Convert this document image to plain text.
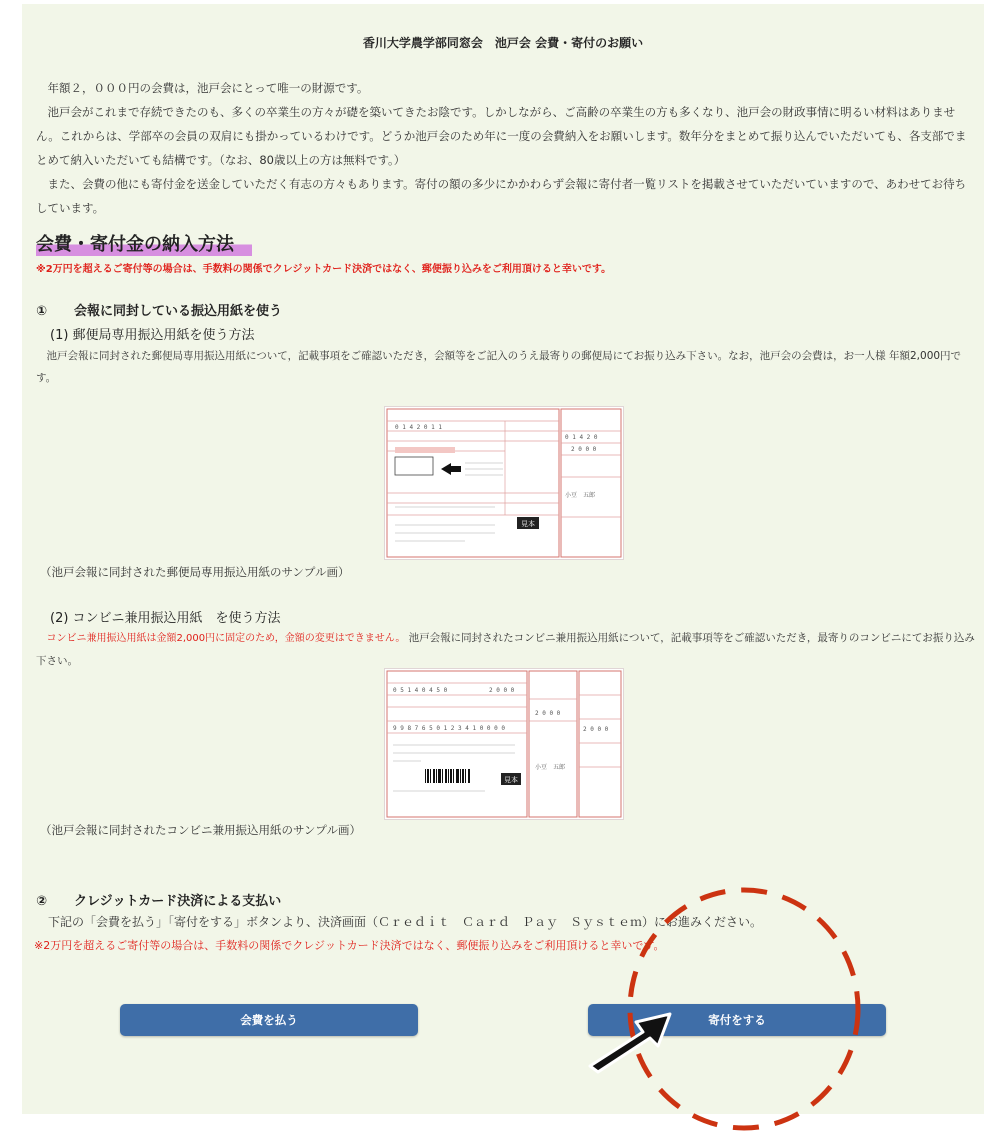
香川大学農学部同窓会　池戸会 会費・寄付のお願い

年額２，０００円の会費は，池戸会にとって唯一の財源です。

池戸会がこれまで存続できたのも、多くの卒業生の方々が礎を築いてきたお陰です。しかしながら、ご高齢の卒業生の方も多くなり、池戸会の財政事情に明るい材料はありません。これからは、学部卒の会員の双肩にも掛かっているわけです。どうか池戸会のため年に一度の会費納入をお願いします。数年分をまとめて振り込んでいただいても、各支部でまとめて納入いただいても結構です。（なお、80歳以上の方は無料です。）

また、会費の他にも寄付金を送金していただく有志の方々もあります。寄付の額の多少にかかわらず会報に寄付者一覧リストを掲載させていただいていますので、あわせてお待ちしています。

会費・寄付金の納入方法
※2万円を超えるご寄付等の場合は、手数料の関係でクレジットカード決済ではなく、郵便振り込みをご利用頂けると幸いです。
① 会報に同封している振込用紙を使う
(1) 郵便局専用振込用紙を使う方法
池戸会報に同封された郵便局専用振込用紙について，記載事項をご確認いただき，会額等をご記入のうえ最寄りの郵便局にてお振り込み下さい。なお，池戸会の会費は，お一人様 年額2,000円です。
0 1 4 2 0 1 1
0 1 4 2 0
2 0 0 0
小豆　五郎
見本
（池戸会報に同封された郵便局専用振込用紙のサンプル画）
(2) コンビニ兼用振込用紙　を使う方法
コンビニ兼用振込用紙は金額2,000円に固定のため，金額の変更はできません。 池戸会報に同封されたコンビニ兼用振込用紙について，記載事項等をご確認いただき，最寄りのコンビニにてお振り込み下さい。
0 5 1 4 0 4 5 0	2 0 0 0
2 0 0 0
2 0 0 0
9 9 8 7 6 5 0 1 2 3 4 1 0 0 0 0
小豆　五郎
見本
（池戸会報に同封されたコンビニ兼用振込用紙のサンプル画）
② クレジットカード決済による支払い
下記の「会費を払う」「寄付をする」ボタンより、決済画面（Ｃｒｅｄｉｔ　Ｃａｒｄ　Ｐａｙ　Ｓｙｓｔｅｍ）にお進みください。
※2万円を超えるご寄付等の場合は、手数料の関係でクレジットカード決済ではなく、郵便振り込みをご利用頂けると幸いです。
会費を払う	寄付をする
